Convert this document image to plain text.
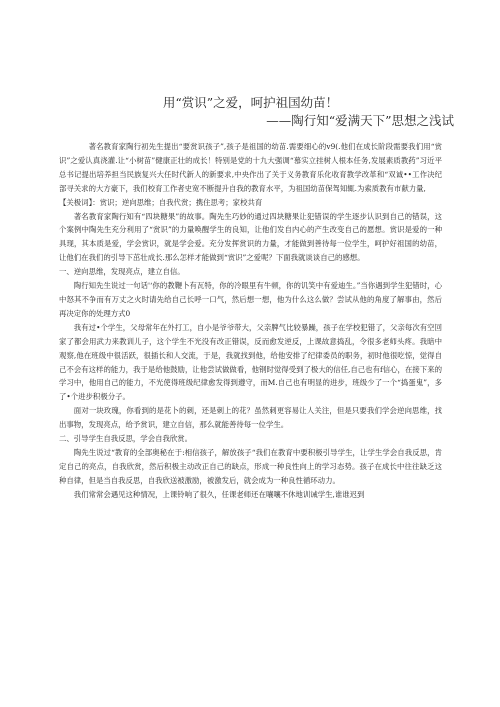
用“赏识”之爱，呵护祖国幼苗！
——陶行知“爱满天下”思想之浅试

著名教育家陶行初先生提出“要赏识孩子”,孩子是祖国的幼苗.需要细心的v9(.他们在成长阶段需要我们用“赏识”之爱认真浇灌.让“小树苗”健康正壮的成长！特别是党的十九大强调“慕实立挂树人根本任务,发展素质教药”习近平总书记提出培养担当民族复兴大任时代新人的新要求,中央作出了关于义务教育乐化收育教学改革和“双诚••工作决纪部寻关求的大方豪下，我们校育工作者史宽不断提升自我的教育水平，为祖国幼苗保驾知辄.为索质教有市献力量,

【关极词】：赏识；逆向思维；自我代赏；携住思考；家校共育

著名教育家陶行知有“四块糖果”的故事。陶先生巧妙的通过四块糖果让犯错误的学生逐步认识到自己的错误，这个案例中陶先生充分利用了“赏识”的力量唤醒学生的良知，让他们发自内心的产生改变自己的愿想。赏识是爱的一种具现，其本质是爱，学会赏识，就是学会爱。充分发挥赏识的力量，才能做到善待每一位学生，呵护好祖国的幼苗，让他们在我们的引导下茁壮成长.那么怎样才能做到“赏识”之爱呢？下面我就谈谈自己的感想。

一、逆向思维，发现亮点，建立自信。

陶行知先生说过一句话'‘你的教鞭卜有瓦特，你的冷眼里有牛顿，你的讥笑中有爱迪生。”当你遇到学生犯错时，心中怒其不争而有万丈之火时请先给自己长呼一口气，然后想一想，他为什么这么做？尝试从他的角度了解事由，然后再决定你的处理方式0

我有过•个学生，父母常年在外打工，自小是爷爷带大，父亲脾气比较暴躁，孩子在学校犯错了，父亲每次有空回家了都会用武力来教训儿子，这个学生不光没有改正错误，反而愈发逆反，上课故意捣乱，令很多老师头疼。我暗中观察,他在班级中很活跃，很插长和人交流，于是，我就找到他，给他安排了纪律委员的职务，初时他很吃惊，觉得自己不会有这样的能力，我于是给他鼓励，让他尝试做做看，他钢时觉得受到了极大的信任,自己也有f信心，在接下来的学习中，他用自己的能力，不光使得班级纪律愈发得到遵守，而M.自己也有明显的进步，班级少了一个“捣蛋鬼”，多了•个进步积极分子。

面对一块玫瑰，你看到的是花卜的刺，还是刺上的花？虽然刺更容易让人关注，但是只要我们学会逆向思维，找出事物，发现亮点，给予赏识，建立自信，那么就能善待每一位学生。

二、引导学生自我反思，学会自我欣赏。

陶先生说过“教育的全部奥秘在于:相信孩子，解放孩子“我们在教育中要积极引导学生，让学生学会自我反思，肯定自己的亮点，自我欣赏，然后积极主动改正自己的缺点，形成一种良性向上的学习态势。孩子在成长中往往缺乏这种自律，但是当自我反思，自我欣送被激励，被激发后，就会成为一种良性循环动力。

我们常常会遇见这种情况，上课铃响了很久，任课老师还在嚷嚷不休地训诫学生,谁谁迟到
